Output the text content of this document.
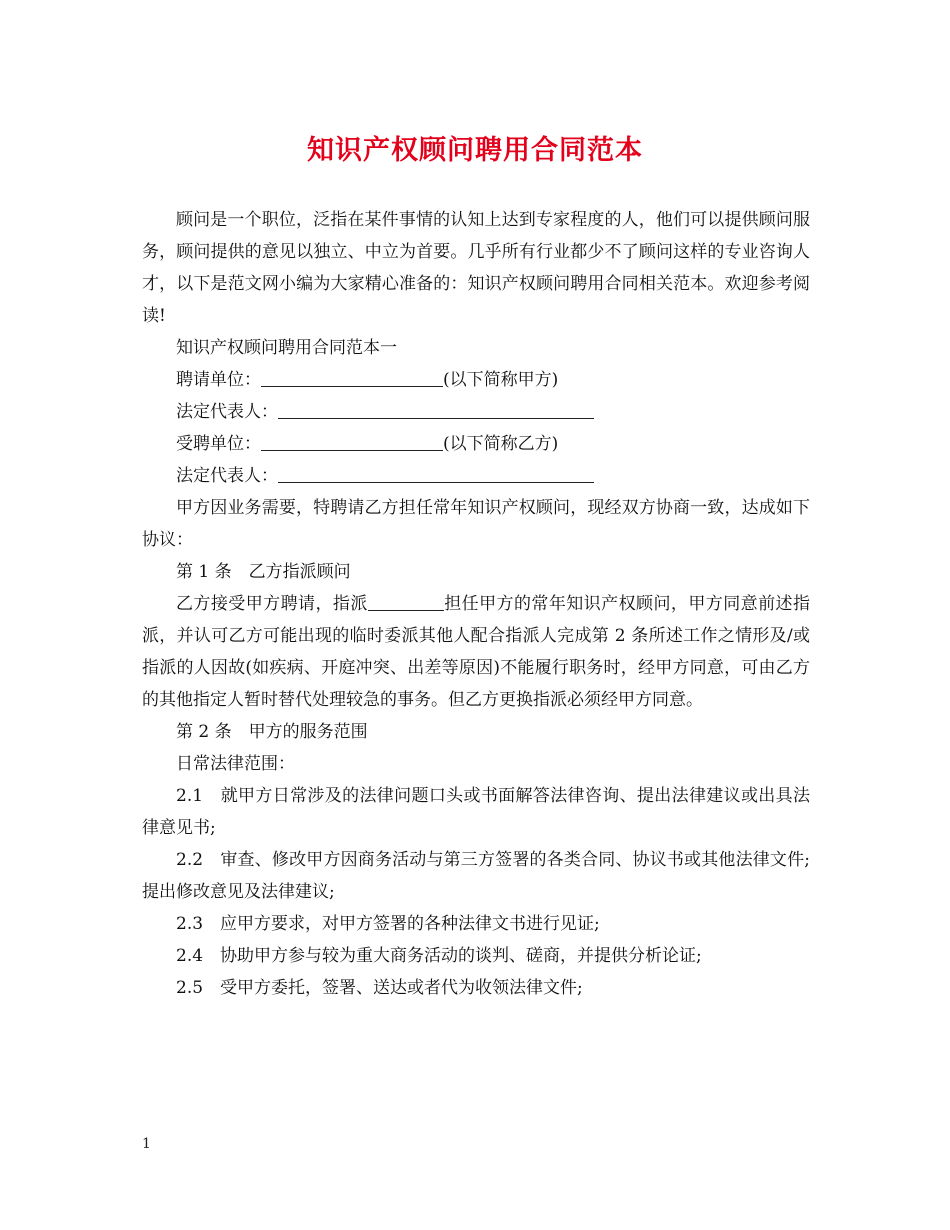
知识产权顾问聘用合同范本

顾问是一个职位，泛指在某件事情的认知上达到专家程度的人，他们可以提供顾问服务，顾问提供的意见以独立、中立为首要。几乎所有行业都少不了顾问这样的专业咨询人才，以下是范文网小编为大家精心准备的：知识产权顾问聘用合同相关范本。欢迎参考阅读!

知识产权顾问聘用合同范本一

聘请单位：	(以下简称甲方)

法定代表人：

受聘单位：	(以下简称乙方)

法定代表人：

甲方因业务需要，特聘请乙方担任常年知识产权顾问，现经双方协商一致，达成如下协议：

第 1 条　乙方指派顾问

乙方接受甲方聘请，指派	担任甲方的常年知识产权顾问，甲方同意前述指派，并认可乙方可能出现的临时委派其他人配合指派人完成第 2 条所述工作之情形及/或指派的人因故(如疾病、开庭冲突、出差等原因)不能履行职务时，经甲方同意，可由乙方的其他指定人暂时替代处理较急的事务。但乙方更换指派必须经甲方同意。

第 2 条　甲方的服务范围

日常法律范围：

2.1　就甲方日常涉及的法律问题口头或书面解答法律咨询、提出法律建议或出具法律意见书;

2.2　审查、修改甲方因商务活动与第三方签署的各类合同、协议书或其他法律文件;提出修改意见及法律建议;

2.3　应甲方要求，对甲方签署的各种法律文书进行见证;

2.4　协助甲方参与较为重大商务活动的谈判、磋商，并提供分析论证;

2.5　受甲方委托，签署、送达或者代为收领法律文件;

1
